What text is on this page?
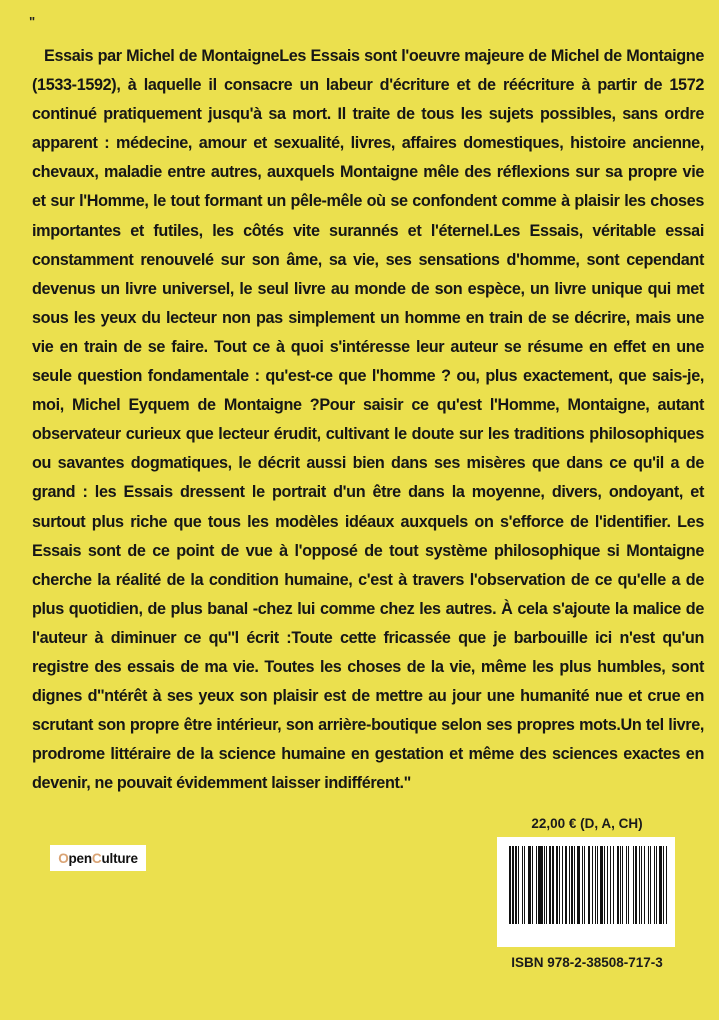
"
Essais par Michel de MontaigneLes Essais sont l'oeuvre majeure de Michel de Montaigne (1533-1592), à laquelle il consacre un labeur d'écriture et de réécriture à partir de 1572 continué pratiquement jusqu'à sa mort. Il traite de tous les sujets possibles, sans ordre apparent : médecine, amour et sexualité, livres, affaires domestiques, histoire ancienne, chevaux, maladie entre autres, auxquels Montaigne mêle des réflexions sur sa propre vie et sur l'Homme, le tout formant un pêle-mêle où se confondent comme à plaisir les choses importantes et futiles, les côtés vite surannés et l'éternel.Les Essais, véritable essai constamment renouvelé sur son âme, sa vie, ses sensations d'homme, sont cependant devenus un livre universel, le seul livre au monde de son espèce, un livre unique qui met sous les yeux du lecteur non pas simplement un homme en train de se décrire, mais une vie en train de se faire. Tout ce à quoi s'intéresse leur auteur se résume en effet en une seule question fondamentale : qu'est-ce que l'homme ? ou, plus exactement, que sais-je, moi, Michel Eyquem de Montaigne ?Pour saisir ce qu'est l'Homme, Montaigne, autant observateur curieux que lecteur érudit, cultivant le doute sur les traditions philosophiques ou savantes dogmatiques, le décrit aussi bien dans ses misères que dans ce qu'il a de grand : les Essais dressent le portrait d'un être dans la moyenne, divers, ondoyant, et surtout plus riche que tous les modèles idéaux auxquels on s'efforce de l'identifier. Les Essais sont de ce point de vue à l'opposé de tout système philosophique si Montaigne cherche la réalité de la condition humaine, c'est à travers l'observation de ce qu'elle a de plus quotidien, de plus banal -chez lui comme chez les autres. À cela s'ajoute la malice de l'auteur à diminuer ce qu''l écrit :Toute cette fricassée que je barbouille ici n'est qu'un registre des essais de ma vie. Toutes les choses de la vie, même les plus humbles, sont dignes d''ntérêt à ses yeux son plaisir est de mettre au jour une humanité nue et crue en scrutant son propre être intérieur, son arrière-boutique selon ses propres mots.Un tel livre, prodrome littéraire de la science humaine en gestation et même des sciences exactes en devenir, ne pouvait évidemment laisser indifférent."
O pen C ulture
22,00 € (D, A, CH)
ISBN 978-2-38508-717-3
